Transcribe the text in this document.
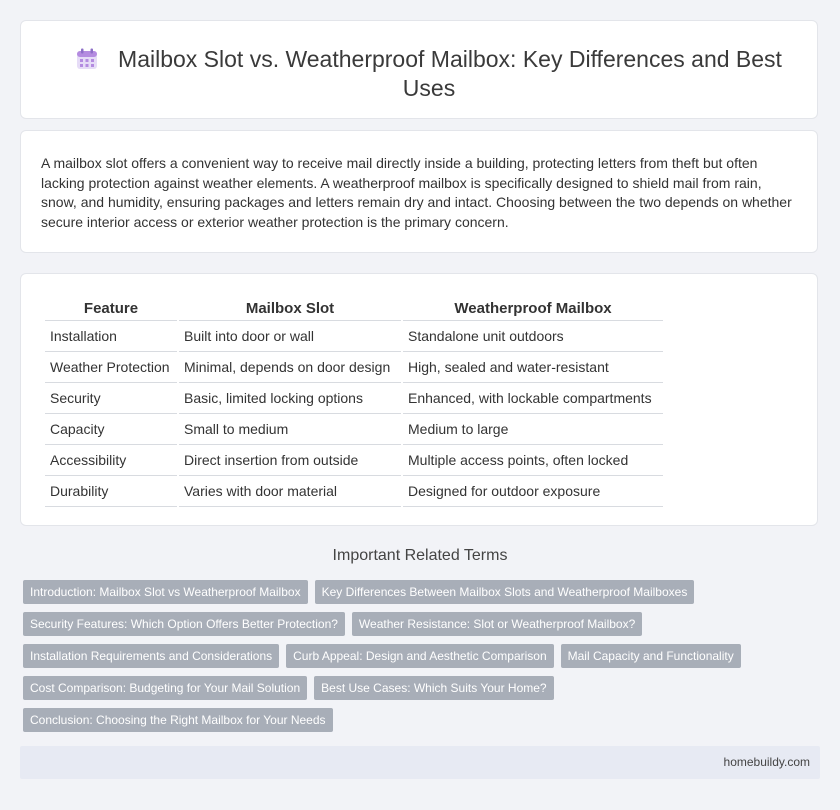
Mailbox Slot vs. Weatherproof Mailbox: Key Differences and Best Uses

A mailbox slot offers a convenient way to receive mail directly inside a building, protecting letters from theft but often lacking protection against weather elements. A weatherproof mailbox is specifically designed to shield mail from rain, snow, and humidity, ensuring packages and letters remain dry and intact. Choosing between the two depends on whether secure interior access or exterior weather protection is the primary concern.

Feature	Mailbox Slot	Weatherproof Mailbox
Installation	Built into door or wall	Standalone unit outdoors
Weather Protection	Minimal, depends on door design	High, sealed and water-resistant
Security	Basic, limited locking options	Enhanced, with lockable compartments
Capacity	Small to medium	Medium to large
Accessibility	Direct insertion from outside	Multiple access points, often locked
Durability	Varies with door material	Designed for outdoor exposure
Important Related Terms
Introduction: Mailbox Slot vs Weatherproof Mailbox	Key Differences Between Mailbox Slots and Weatherproof Mailboxes
Security Features: Which Option Offers Better Protection?	Weather Resistance: Slot or Weatherproof Mailbox?
Installation Requirements and Considerations	Curb Appeal: Design and Aesthetic Comparison	Mail Capacity and Functionality
Cost Comparison: Budgeting for Your Mail Solution	Best Use Cases: Which Suits Your Home?
Conclusion: Choosing the Right Mailbox for Your Needs
homebuildy.com
